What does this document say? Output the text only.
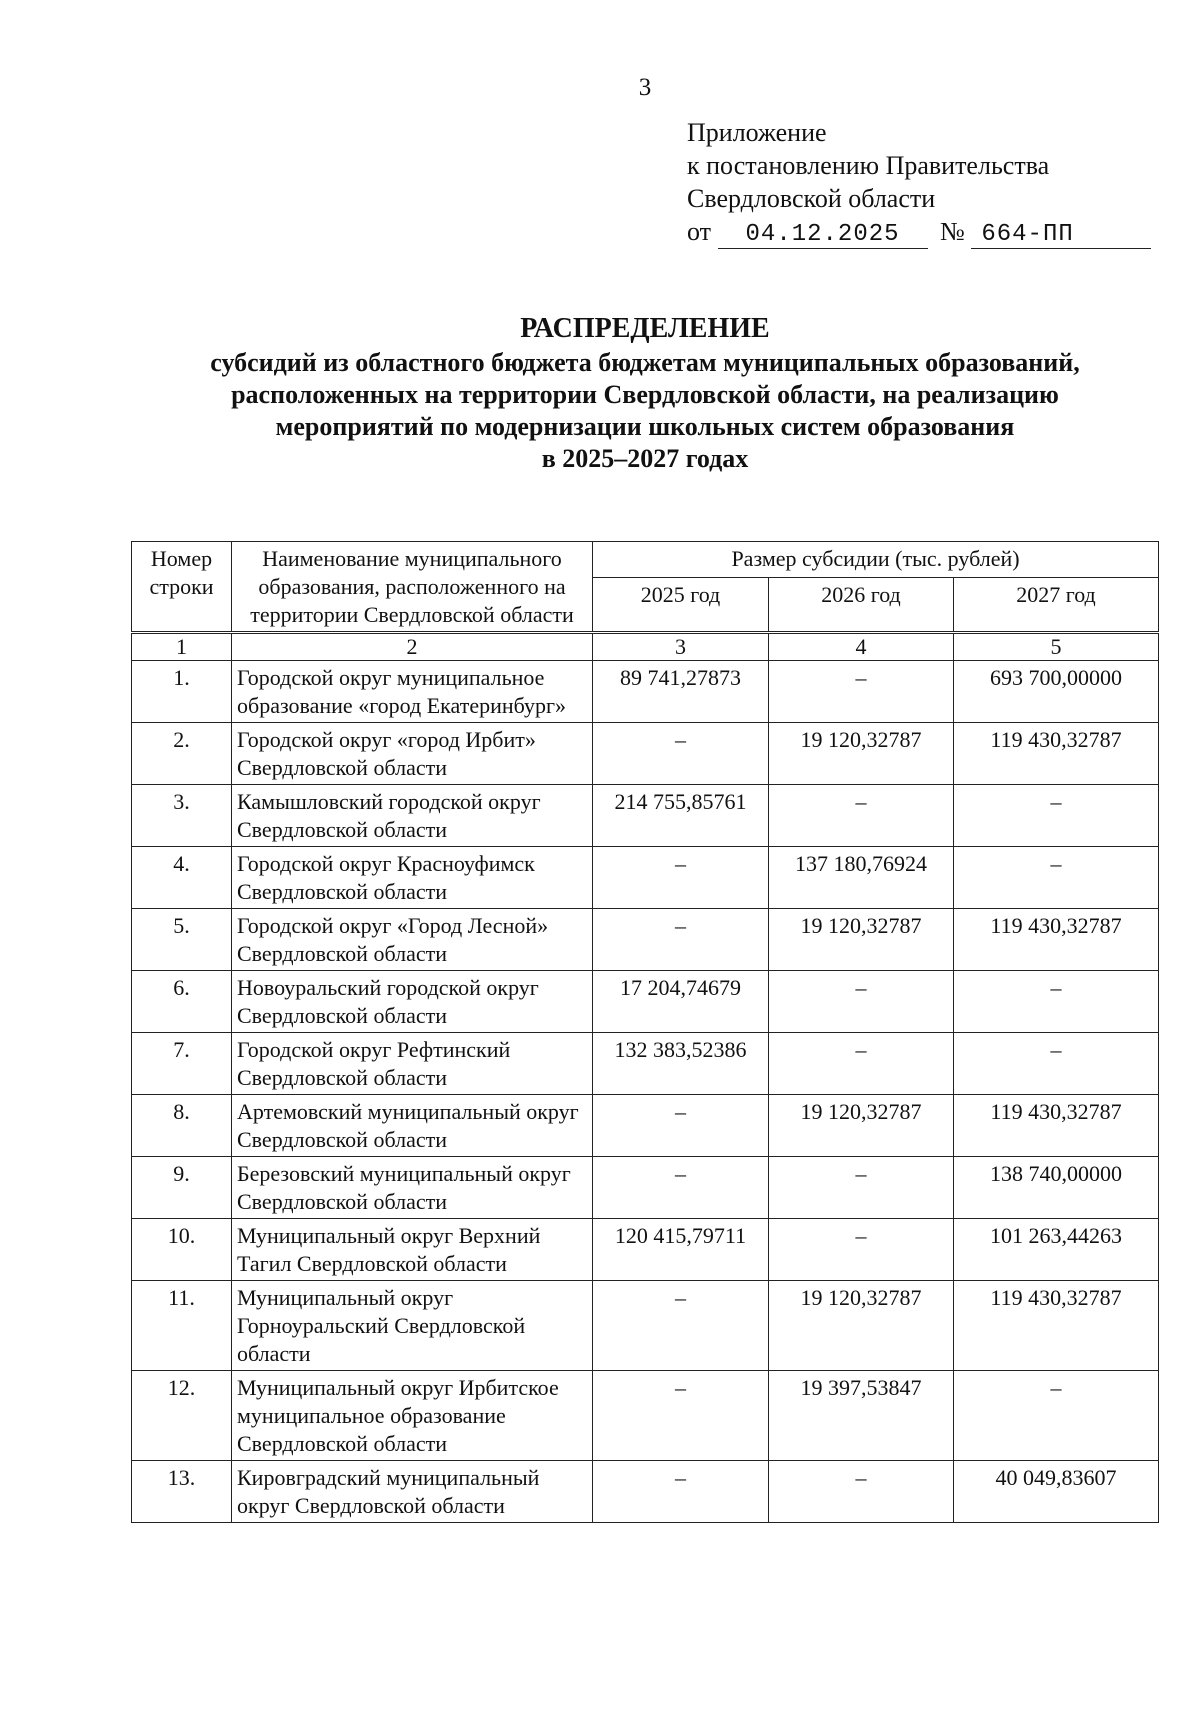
3
Приложение
к постановлению Правительства
Свердловской области
от 04.12.2025 № 664-ПП
РАСПРЕДЕЛЕНИЕ
субсидий из областного бюджета бюджетам муниципальных образований,
расположенных на территории Свердловской области, на реализацию
мероприятий по модернизации школьных систем образования
в 2025–2027 годах
Номер строки	Наименование муниципального образования, расположенного на территории Свердловской области	Размер субсидии (тыс. рублей)		
		2025 год	2026 год	2027 год
1	2	3	4	5
1.	Городской округ муниципальное образование «город Екатеринбург»	89 741,27873	–	693 700,00000
2.	Городской округ «город Ирбит» Свердловской области	–	19 120,32787	119 430,32787
3.	Камышловский городской округ Свердловской области	214 755,85761	–	–
4.	Городской округ Красноуфимск Свердловской области	–	137 180,76924	–
5.	Городской округ «Город Лесной» Свердловской области	–	19 120,32787	119 430,32787
6.	Новоуральский городской округ Свердловской области	17 204,74679	–	–
7.	Городской округ Рефтинский Свердловской области	132 383,52386	–	–
8.	Артемовский муниципальный округ Свердловской области	–	19 120,32787	119 430,32787
9.	Березовский муниципальный округ Свердловской области	–	–	138 740,00000
10.	Муниципальный округ Верхний Тагил Свердловской области	120 415,79711	–	101 263,44263
11.	Муниципальный округ Горноуральский Свердловской области	–	19 120,32787	119 430,32787
12.	Муниципальный округ Ирбитское муниципальное образование Свердловской области	–	19 397,53847	–
13.	Кировградский муниципальный округ Свердловской области	–	–	40 049,83607
